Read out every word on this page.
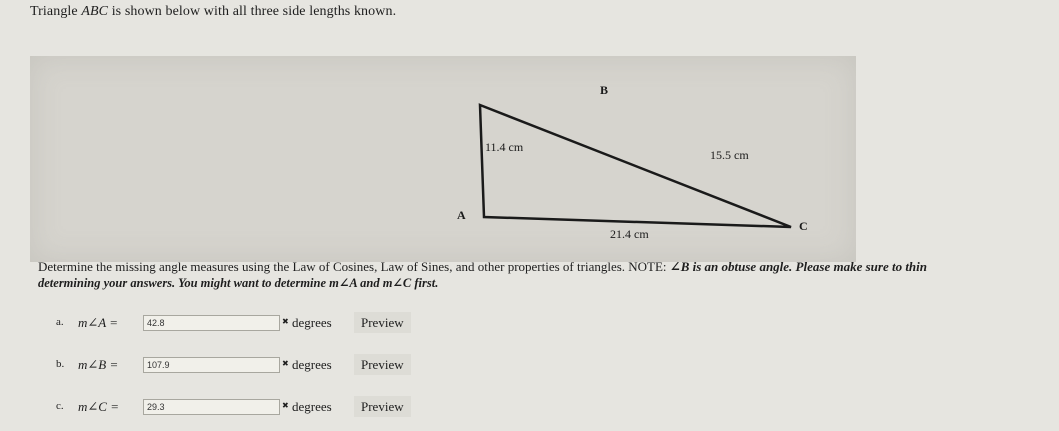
Triangle ABC is shown below with all three side lengths known.
B
A
C
11.4 cm
15.5 cm
21.4 cm
Determine the missing angle measures using the Law of Cosines, Law of Sines, and other properties of triangles. NOTE: ∠B is an obtuse angle. Please make sure to thin
determining your answers. You might want to determine m∠A and m∠C first.
a. m∠A =
42.8	✖ degrees	Preview
b. m∠B =
107.9	✖ degrees	Preview
c. m∠C =
29.3	✖ degrees	Preview
